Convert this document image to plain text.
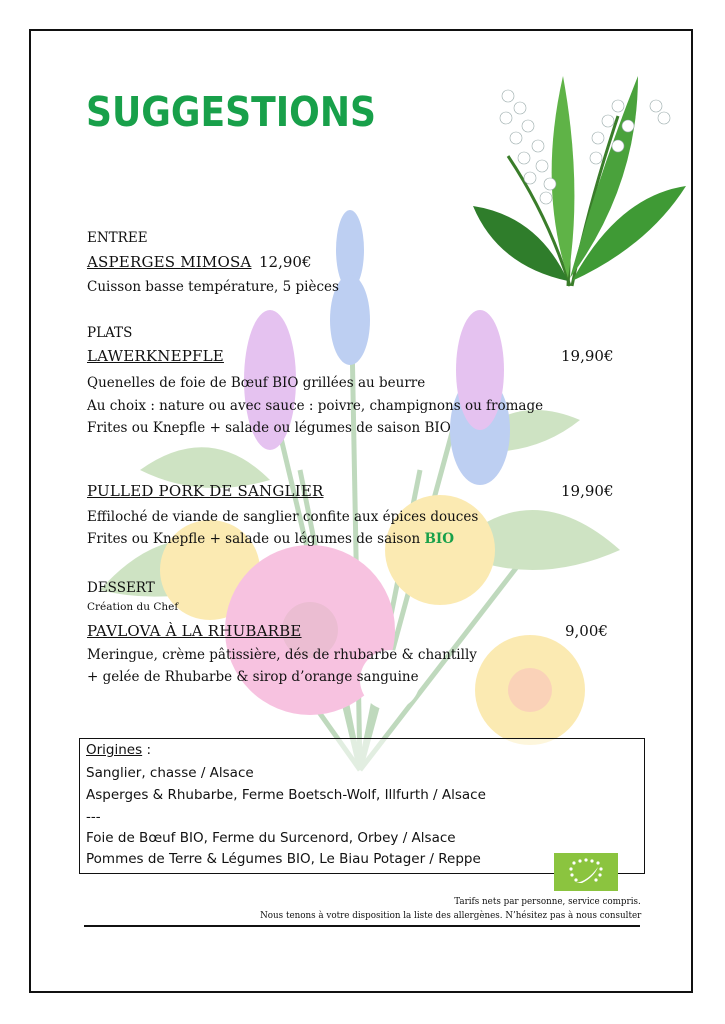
SUGGESTIONS
ENTREE
ASPERGES MIMOSA 12,90€
Cuisson basse température, 5 pièces
PLATS
LAWERKNEPFLE	19,90€
Quenelles de foie de Bœuf BIO grillées au beurre
Au choix : nature ou avec sauce : poivre, champignons ou fromage
Frites ou Knepfle + salade ou légumes de saison BIO
PULLED PORK DE SANGLIER	19,90€
Effiloché de viande de sanglier confite aux épices douces
Frites ou Knepfle + salade ou légumes de saison BIO
DESSERT
Création du Chef
PAVLOVA À LA RHUBARBE	9,00€
Meringue, crème pâtissière, dés de rhubarbe & chantilly
+ gelée de Rhubarbe & sirop d’orange sanguine
Origines :
Sanglier, chasse / Alsace
Asperges & Rhubarbe, Ferme Boetsch-Wolf, Illfurth / Alsace
---
Foie de Bœuf BIO, Ferme du Surcenord, Orbey / Alsace
Pommes de Terre & Légumes BIO, Le Biau Potager / Reppe
Tarifs nets par personne, service compris.
Nous tenons à votre disposition la liste des allergènes. N’hésitez pas à nous consulter
